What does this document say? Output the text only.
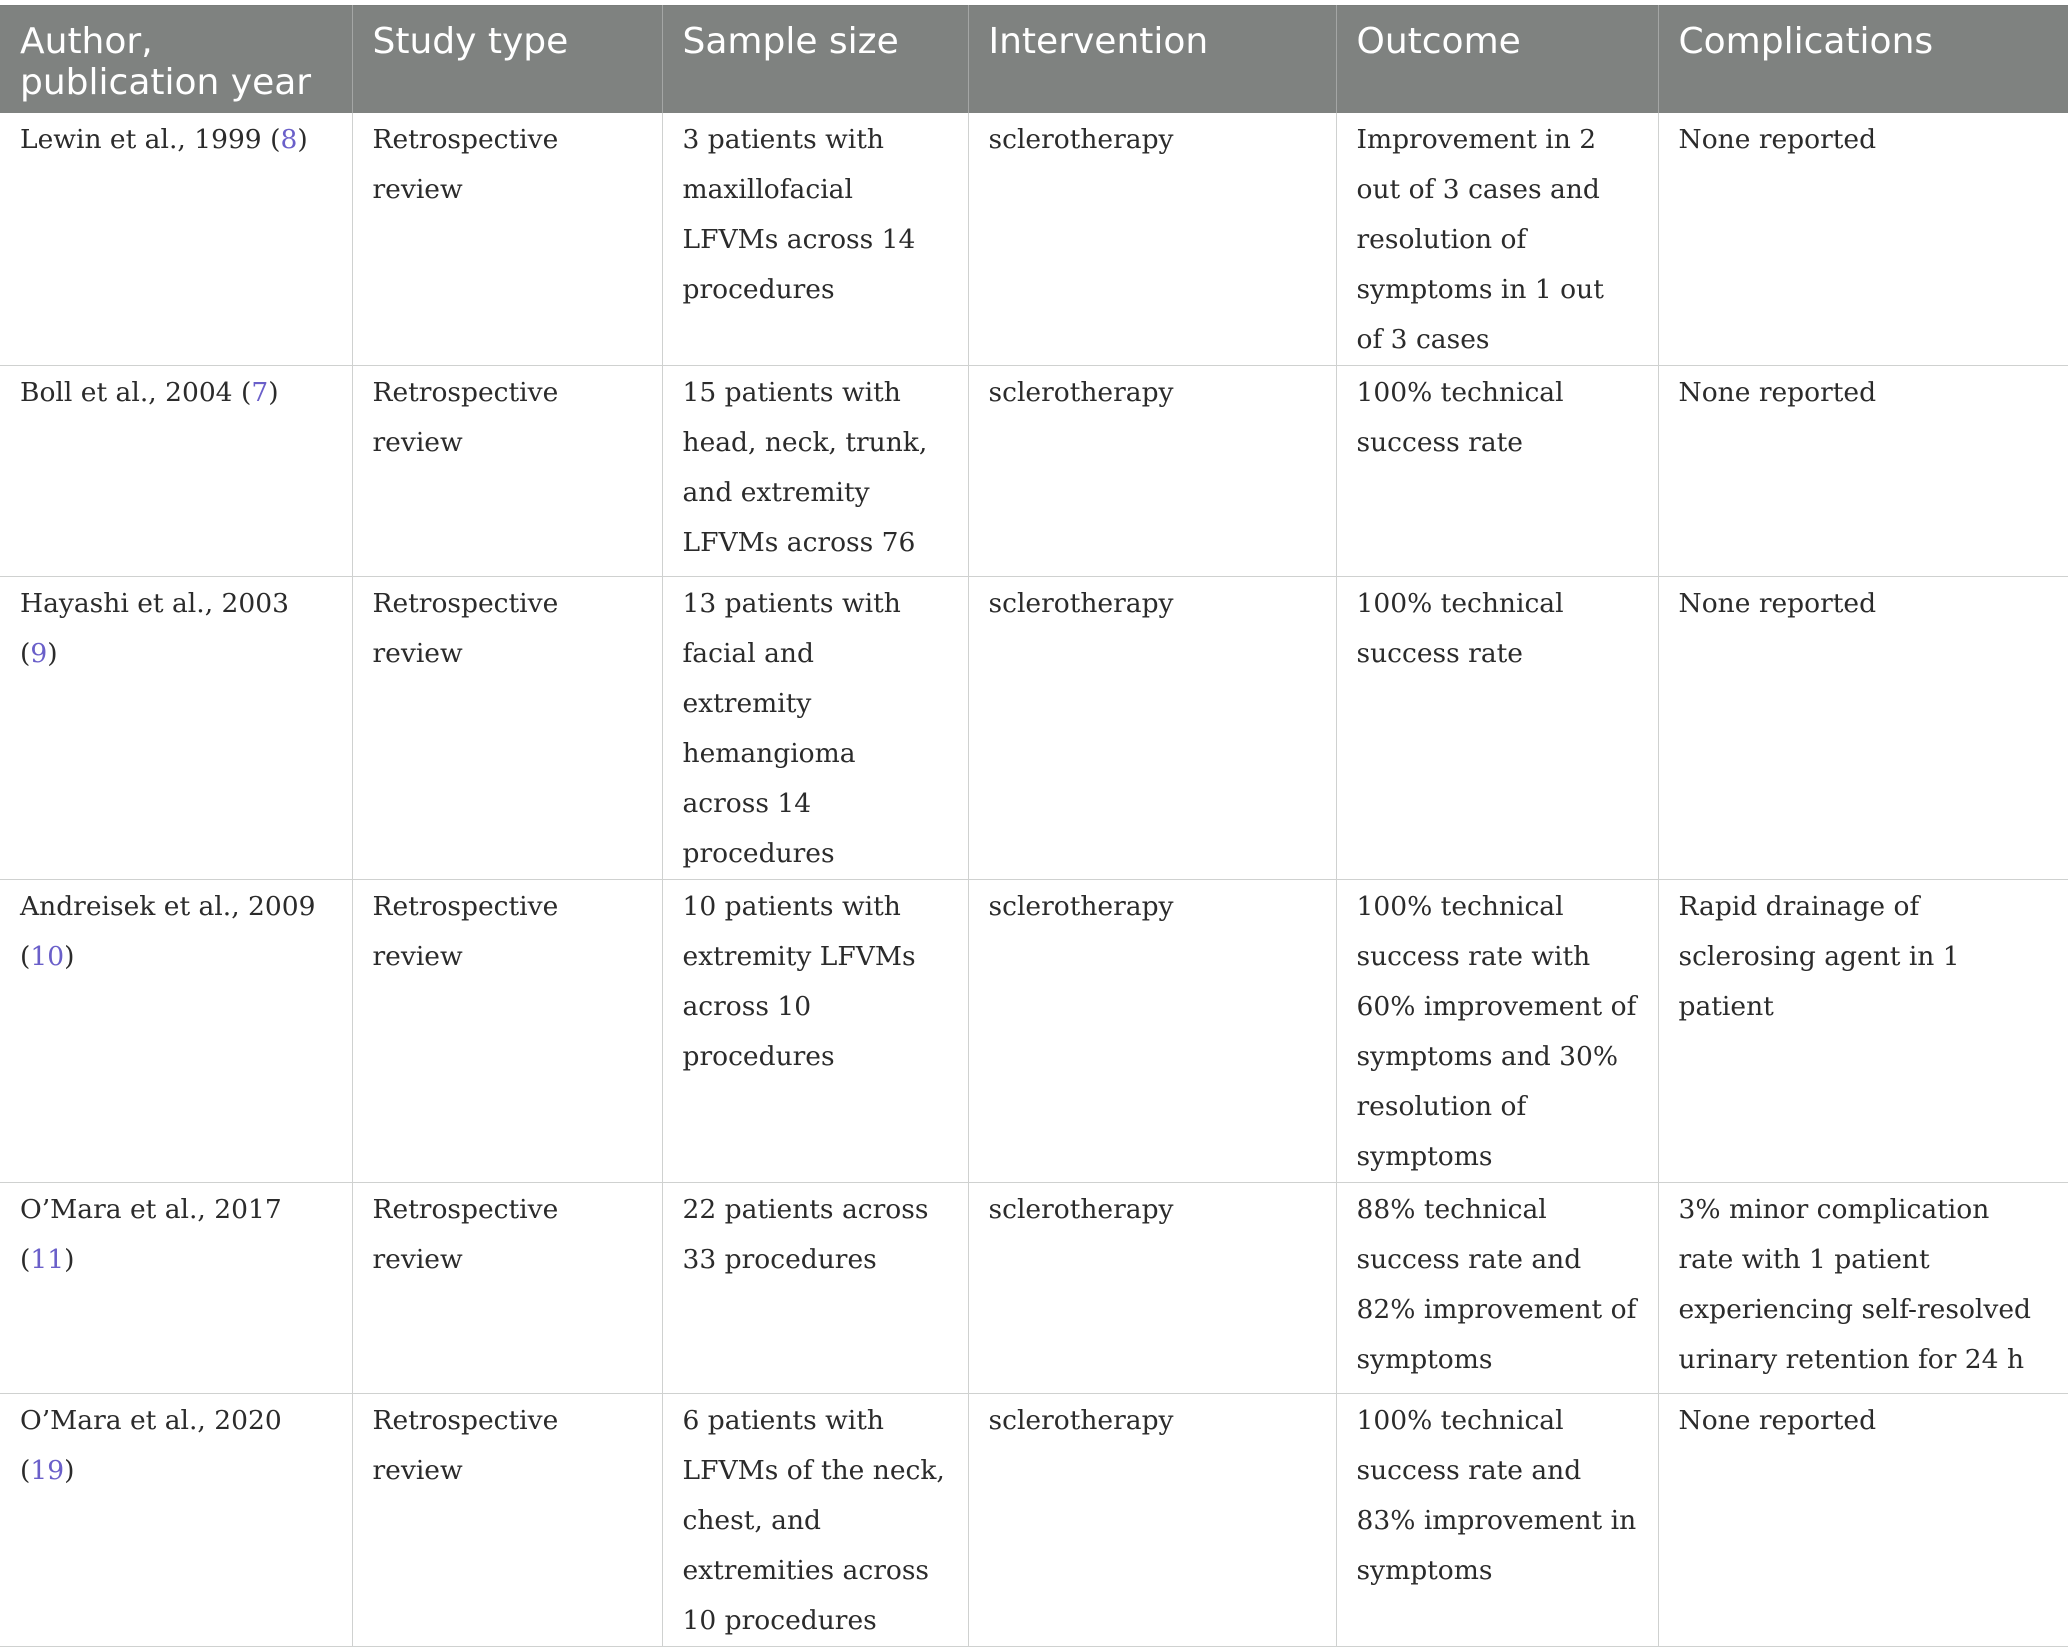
Author,
publication year	Study type	Sample size	Intervention	Outcome	Complications
Lewin et al., 1999 (8)	Retrospective review	3 patients with maxillofacial LFVMs across 14 procedures	sclerotherapy	Improvement in 2 out of 3 cases and resolution of symptoms in 1 out of 3 cases	None reported
Boll et al., 2004 (7)	Retrospective review	15 patients with head, neck, trunk, and extremity LFVMs across 76	sclerotherapy	100% technical success rate	None reported
Hayashi et al., 2003 (9)	Retrospective review	13 patients with facial and extremity hemangioma across 14 procedures	sclerotherapy	100% technical success rate	None reported
Andreisek et al., 2009 (10)	Retrospective review	10 patients with extremity LFVMs across 10 procedures	sclerotherapy	100% technical success rate with 60% improvement of symptoms and 30% resolution of symptoms	Rapid drainage of sclerosing agent in 1 patient
O’Mara et al., 2017 (11)	Retrospective review	22 patients across 33 procedures	sclerotherapy	88% technical success rate and 82% improvement of symptoms	3% minor complication rate with 1 patient experiencing self-resolved urinary retention for 24 h
O’Mara et al., 2020 (19)	Retrospective review	6 patients with LFVMs of the neck, chest, and extremities across 10 procedures	sclerotherapy	100% technical success rate and 83% improvement in symptoms	None reported
